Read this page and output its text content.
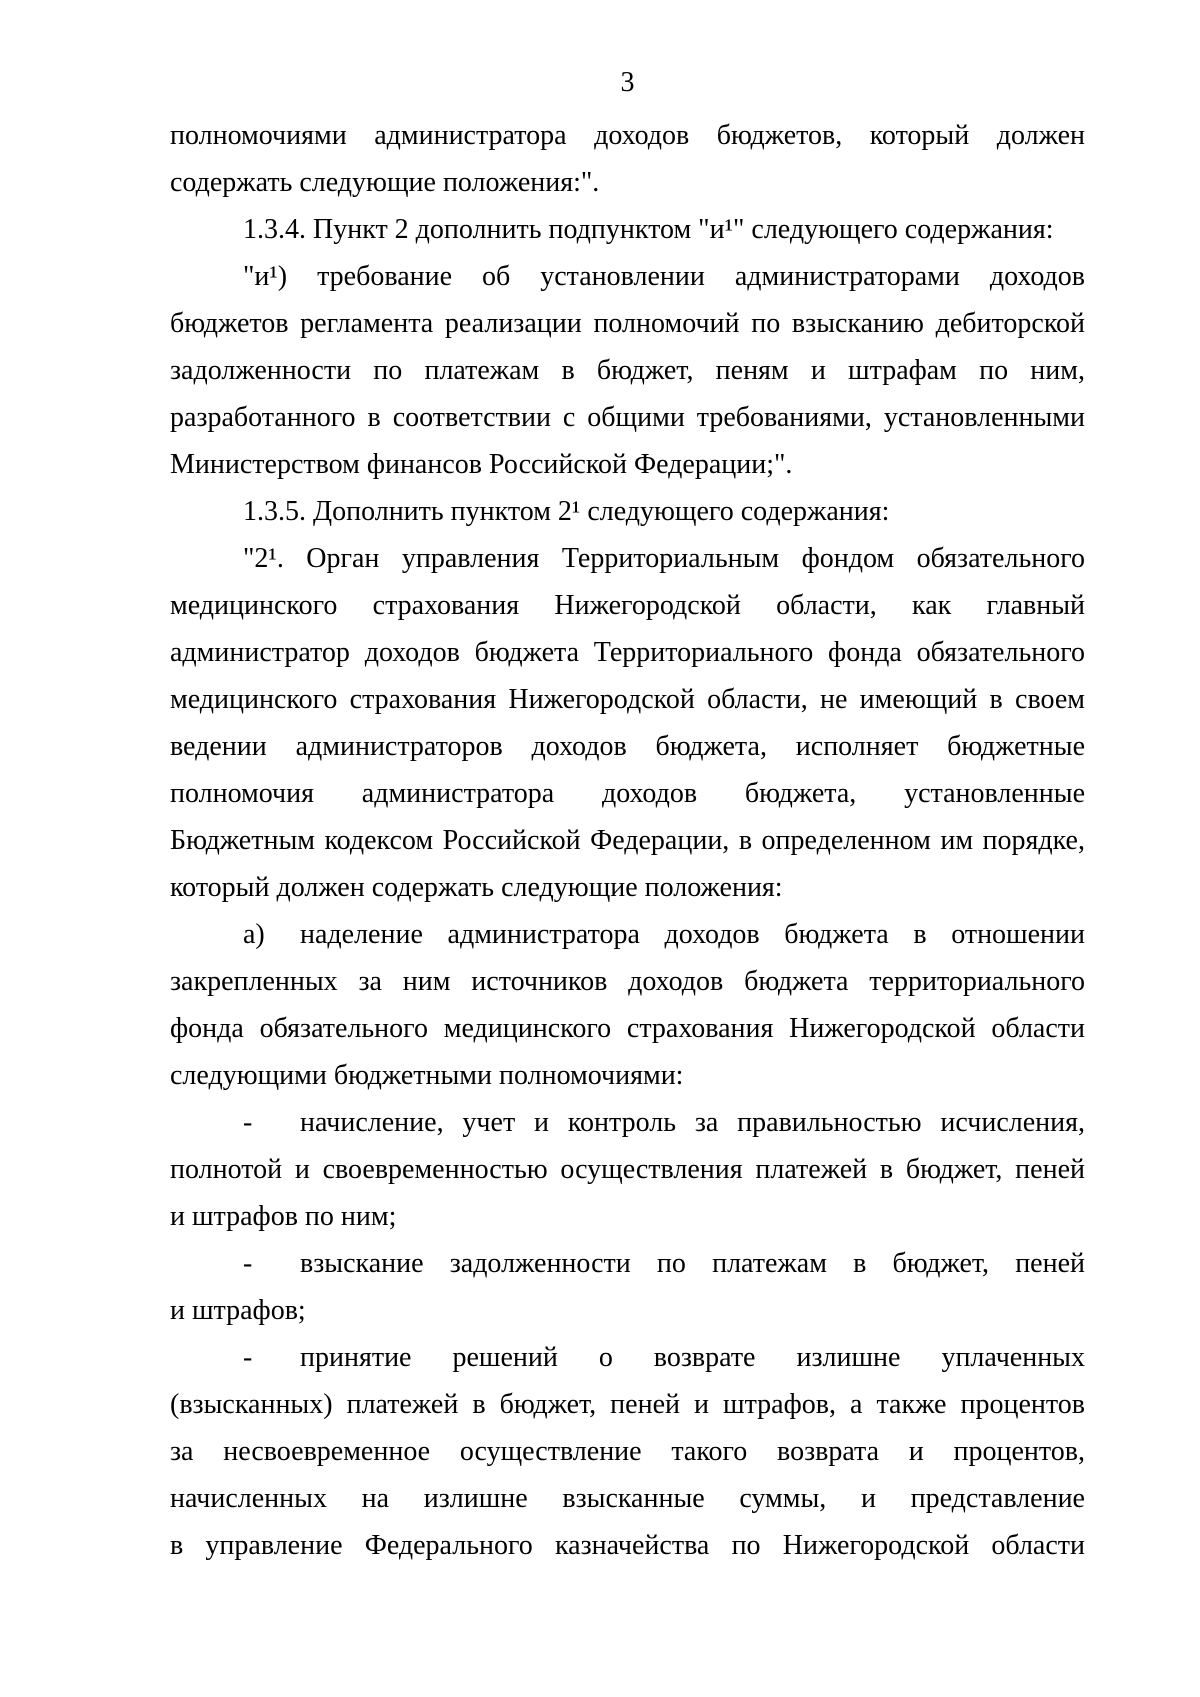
3
полномочиями администратора доходов бюджетов, который должен
содержать следующие положения:".
1.3.4. Пункт 2 дополнить подпунктом "и¹" следующего содержания:
"и¹) требование об установлении администраторами доходов
бюджетов регламента реализации полномочий по взысканию дебиторской
задолженности по платежам в бюджет, пеням и штрафам по ним,
разработанного в соответствии с общими требованиями, установленными
Министерством финансов Российской Федерации;".
1.3.5. Дополнить пунктом 2¹ следующего содержания:
"2¹. Орган управления Территориальным фондом обязательного
медицинского страхования Нижегородской области, как главный
администратор доходов бюджета Территориального фонда обязательного
медицинского страхования Нижегородской области, не имеющий в своем
ведении администраторов доходов бюджета, исполняет бюджетные
полномочия администратора доходов бюджета, установленные
Бюджетным кодексом Российской Федерации, в определенном им порядке,
который должен содержать следующие положения:
а) наделение администратора доходов бюджета в отношении
закрепленных за ним источников доходов бюджета территориального
фонда обязательного медицинского страхования Нижегородской области
следующими бюджетными полномочиями:
- начисление, учет и контроль за правильностью исчисления,
полнотой и своевременностью осуществления платежей в бюджет, пеней
и штрафов по ним;
- взыскание задолженности по платежам в бюджет, пеней
и штрафов;
- принятие решений о возврате излишне уплаченных
(взысканных) платежей в бюджет, пеней и штрафов, а также процентов
за несвоевременное осуществление такого возврата и процентов,
начисленных на излишне взысканные суммы, и представление
в управление Федерального казначейства по Нижегородской области
